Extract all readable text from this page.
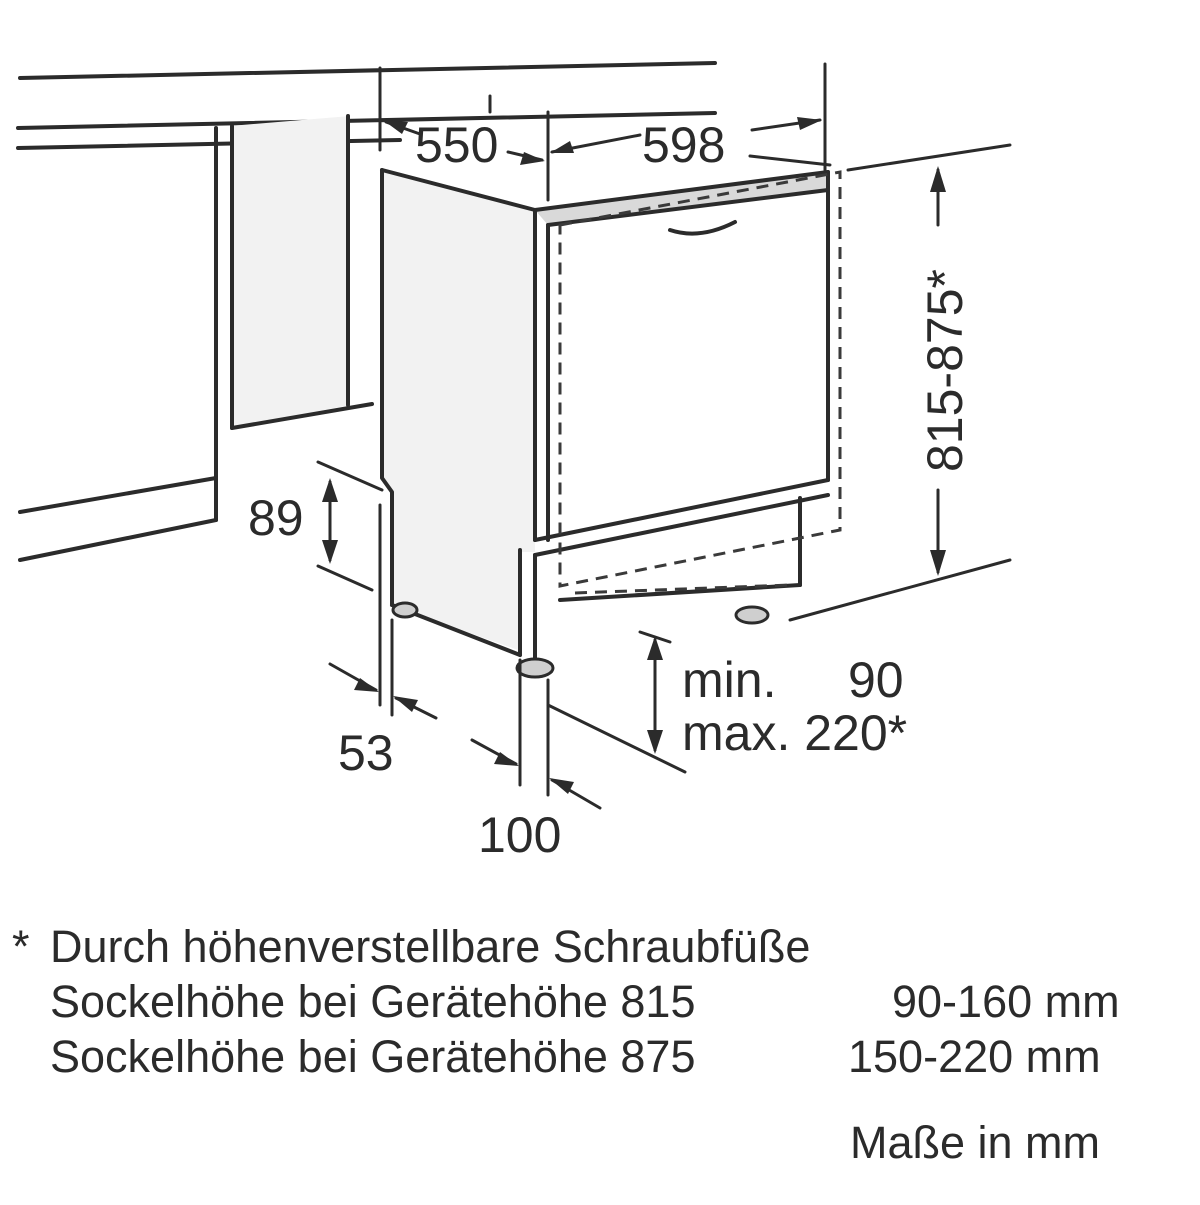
550	598
815-875*
89
53
100
min. 90
max. 220*
* Durch höhenverstellbare Schraubfüße
Sockelhöhe bei Gerätehöhe 815	90-160 mm
Sockelhöhe bei Gerätehöhe 875	150-220 mm
Maße in mm
